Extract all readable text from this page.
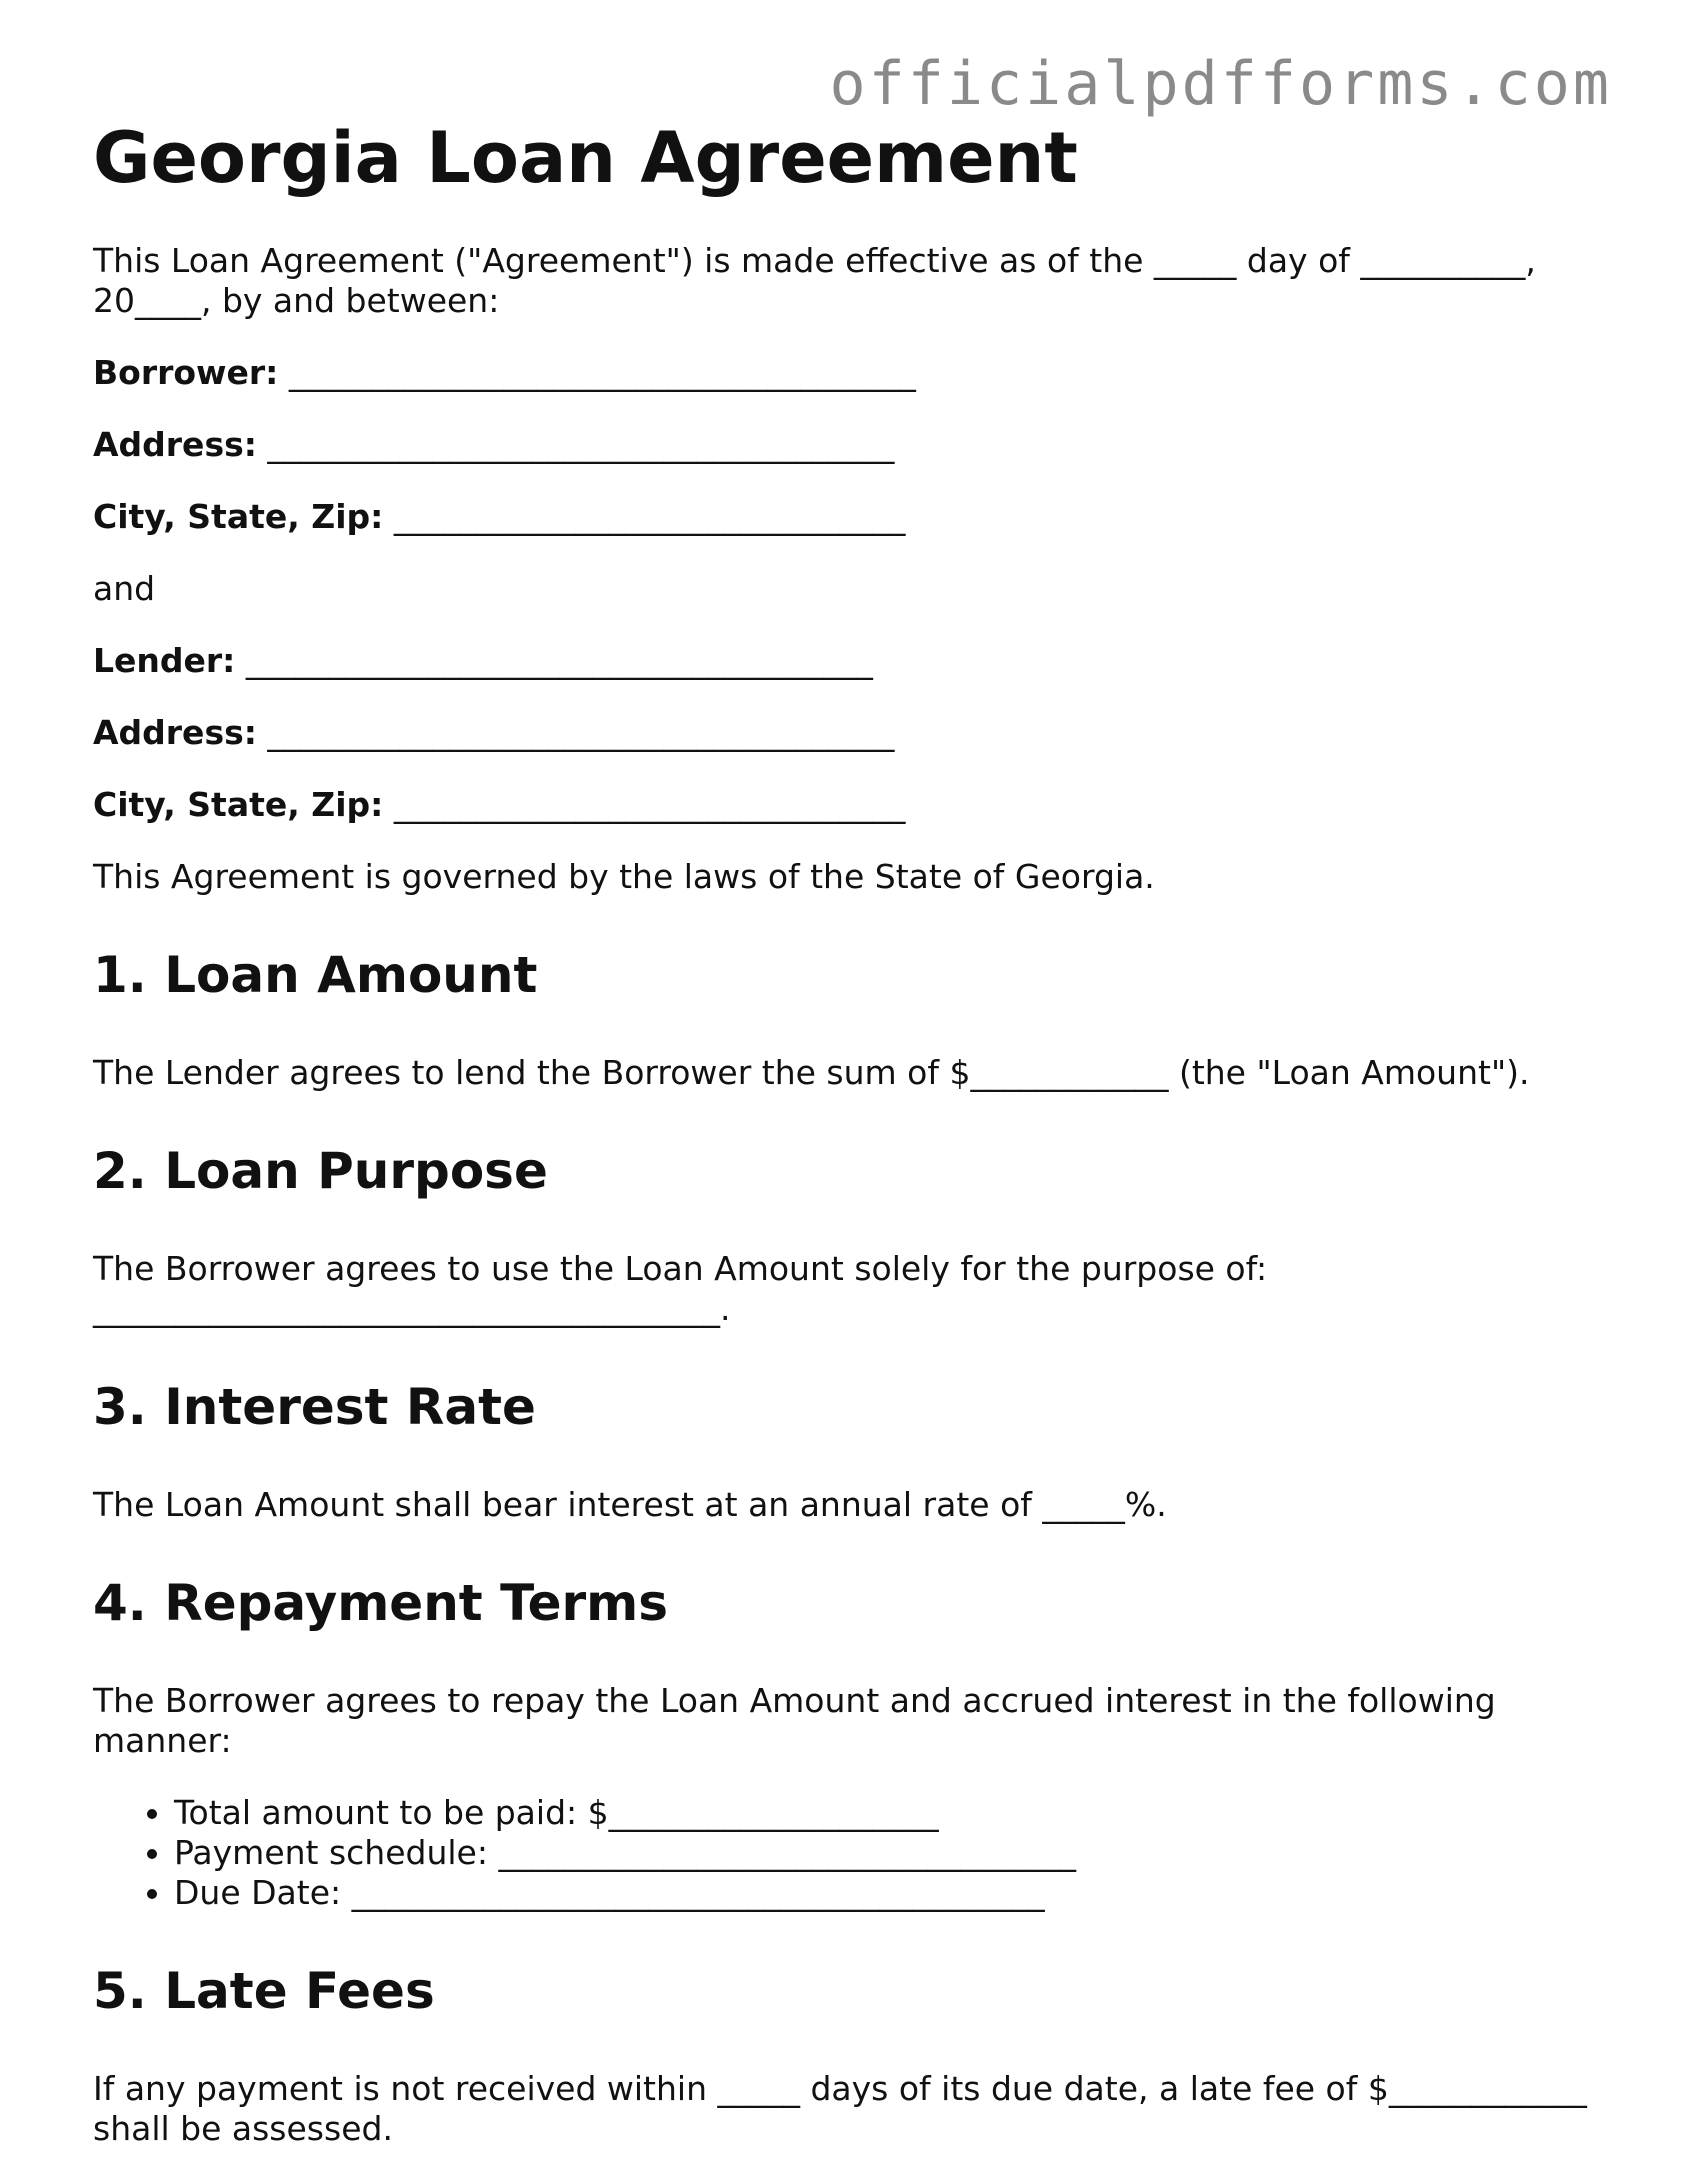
officialpdfforms.com
Georgia Loan Agreement

This Loan Agreement ("Agreement") is made effective as of the _____ day of __________, 20____, by and between:

Borrower: ______________________________________
Address: ______________________________________
City, State, Zip: _______________________________

and

Lender: ______________________________________
Address: ______________________________________
City, State, Zip: _______________________________

This Agreement is governed by the laws of the State of Georgia.

1. Loan Amount

The Lender agrees to lend the Borrower the sum of $____________ (the "Loan Amount").

2. Loan Purpose

The Borrower agrees to use the Loan Amount solely for the purpose of: ______________________________________.

3. Interest Rate

The Loan Amount shall bear interest at an annual rate of _____%.

4. Repayment Terms

The Borrower agrees to repay the Loan Amount and accrued interest in the following manner:

• Total amount to be paid: $____________________
• Payment schedule: ___________________________________
• Due Date: __________________________________________
5. Late Fees

If any payment is not received within _____ days of its due date, a late fee of $____________ shall be assessed.
